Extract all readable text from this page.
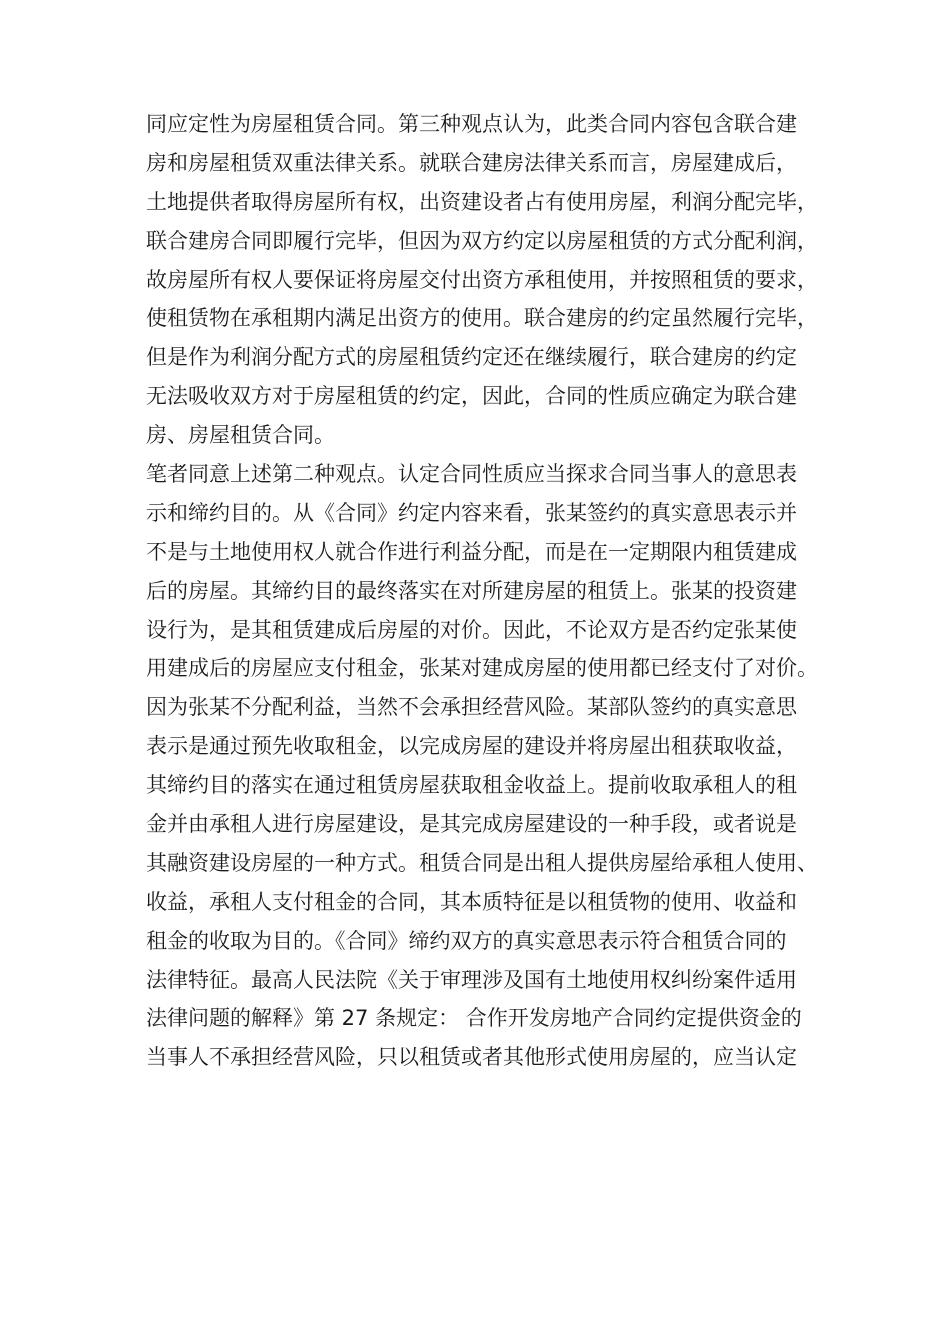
同应定性为房屋租赁合同。第三种观点认为，此类合同内容包含联合建
房和房屋租赁双重法律关系。就联合建房法律关系而言，房屋建成后，
土地提供者取得房屋所有权，出资建设者占有使用房屋，利润分配完毕，
联合建房合同即履行完毕，但因为双方约定以房屋租赁的方式分配利润，
故房屋所有权人要保证将房屋交付出资方承租使用，并按照租赁的要求，
使租赁物在承租期内满足出资方的使用。联合建房的约定虽然履行完毕，
但是作为利润分配方式的房屋租赁约定还在继续履行，联合建房的约定
无法吸收双方对于房屋租赁的约定，因此，合同的性质应确定为联合建
房、房屋租赁合同。
笔者同意上述第二种观点。认定合同性质应当探求合同当事人的意思表
示和缔约目的。从《合同》约定内容来看，张某签约的真实意思表示并
不是与土地使用权人就合作进行利益分配，而是在一定期限内租赁建成
后的房屋。其缔约目的最终落实在对所建房屋的租赁上。张某的投资建
设行为，是其租赁建成后房屋的对价。因此，不论双方是否约定张某使
用建成后的房屋应支付租金，张某对建成房屋的使用都已经支付了对价。
因为张某不分配利益，当然不会承担经营风险。某部队签约的真实意思
表示是通过预先收取租金，以完成房屋的建设并将房屋出租获取收益，
其缔约目的落实在通过租赁房屋获取租金收益上。提前收取承租人的租
金并由承租人进行房屋建设，是其完成房屋建设的一种手段，或者说是
其融资建设房屋的一种方式。租赁合同是出租人提供房屋给承租人使用、
收益，承租人支付租金的合同，其本质特征是以租赁物的使用、收益和
租金的收取为目的。《合同》缔约双方的真实意思表示符合租赁合同的
法律特征。最高人民法院《关于审理涉及国有土地使用权纠纷案件适用
法律问题的解释》第 27 条规定： 合作开发房地产合同约定提供资金的
当事人不承担经营风险，只以租赁或者其他形式使用房屋的，应当认定
